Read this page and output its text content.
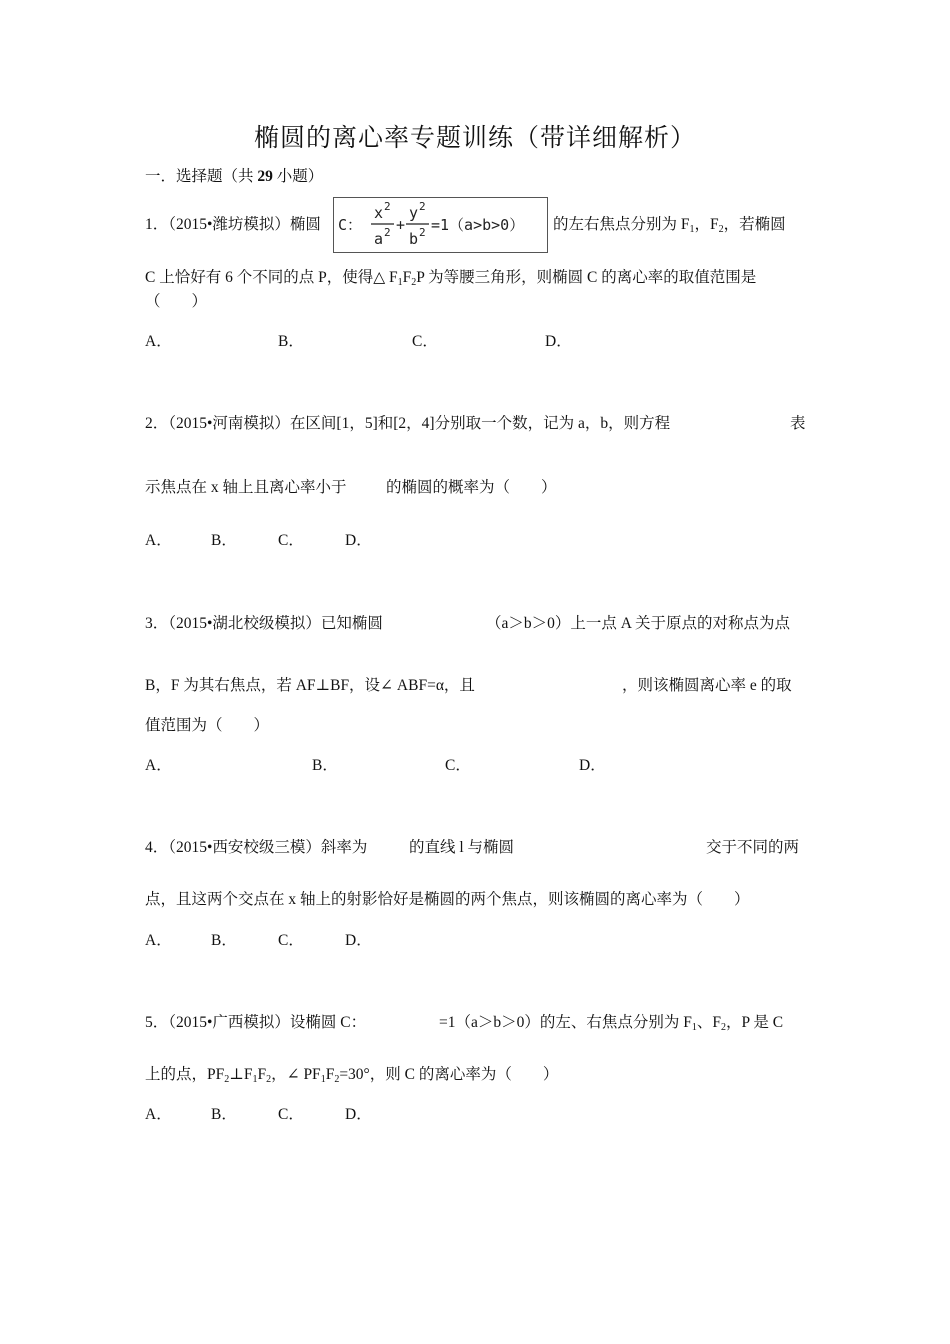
椭圆的离心率专题训练（带详细解析）
一．选择题（共 29 小题）
1．（2015•潍坊模拟）椭圆 C：
x 2
a 2 +
y 2
b 2 =1（a>b>0） 的左右焦点分别为 $F_1$，$F_2$，若椭圆
C 上恰好有 6 个不同的点 P，使得△ $F_1F_2P$ 为等腰三角形，则椭圆 C 的离心率的取值范围是
（　　）
A．	B．	C．	D．
2．（2015•河南模拟）在区间[1，5]和[2，4]分别取一个数，记为 a，b，则方程	表
示焦点在 x 轴上且离心率小于	的椭圆的概率为（　　）
A．	B．	C．	D．
3．（2015•湖北校级模拟）已知椭圆	（a＞b＞0）上一点 A 关于原点的对称点为点
B，F 为其右焦点，若 AF⊥BF，设∠ ABF=α，且	，则该椭圆离心率 e 的取
值范围为（　　）
A．	B．	C．	D．
4．（2015•西安校级三模）斜率为	的直线 l 与椭圆	交于不同的两
点，且这两个交点在 x 轴上的射影恰好是椭圆的两个焦点，则该椭圆的离心率为（　　）
A．	B．	C．	D．
5．（2015•广西模拟）设椭圆 C：	=1（a＞b＞0）的左、右焦点分别为 $F_1$、$F_2$，P 是 C
上的点，$PF_2\perp F_1F_2$，∠ $PF_1F_2=30^\circ$，则 C 的离心率为（　　）
A．	B．	C．	D．
